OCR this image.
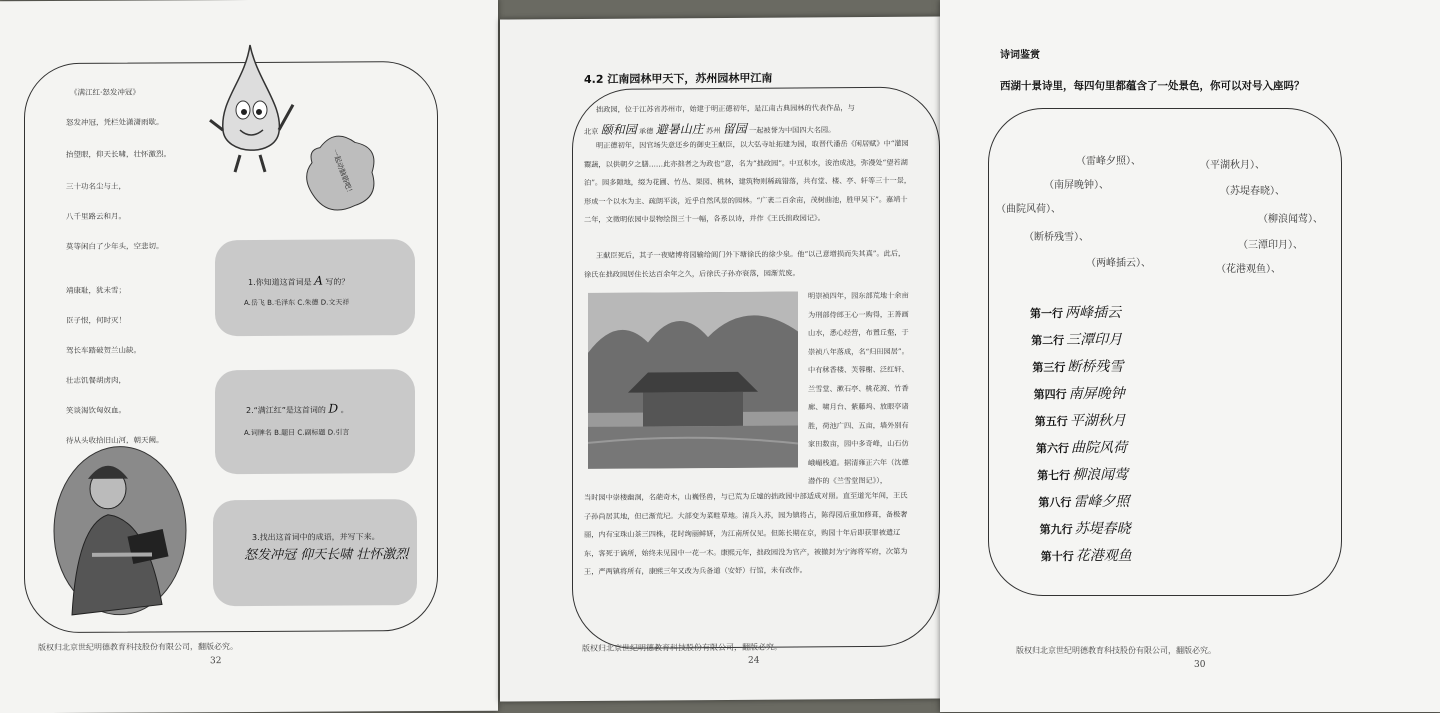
《满江红·怒发冲冠》
一起动脑筋吧！
1.你知道这首词是 A 写的？
A.岳飞 B.毛泽东 C.朱德 D.文天祥
2.“满江红”是这首词的 D 。
A.词牌名 B.题目 C.副标题 D.引言
3.找出这首词中的成语，并写下来。
怒发冲冠 仰天长啸 壮怀激烈
版权归北京世纪明德教育科技股份有限公司，翻版必究。
32
怒发冲冠，凭栏处潇潇雨歇。
抬望眼，仰天长啸，壮怀激烈。
三十功名尘与土，
八千里路云和月。
莫等闲白了少年头，空悲切。
靖康耻，犹未雪；
臣子恨，何时灭！
驾长车踏破贺兰山缺。
壮志饥餐胡虏肉，
笑谈渴饮匈奴血。
待从头收拾旧山河，朝天阙。
4.2 江南园林甲天下，苏州园林甲江南
拙政园，位于江苏省苏州市，始建于明正德初年，是江南古典园林的代表作品，与
北京 颐和园 承德 避暑山庄 苏州 留园 一起被誉为中国四大名园。
明正德初年，因官场失意还乡的御史王献臣，以大弘寺址拓建为园，取晋代潘岳《闲居赋》中“灌园鬻蔬，以供朝夕之膳……此亦拙者之为政也”意，名为“拙政园”。中亘积水，浚治成池，弥漫处“望若湖泊”。园多隙地，缀为花圃、竹丛、果园、桃林，建筑物则稀疏错落，共有堂、楼、亭、轩等三十一景，形成一个以水为主、疏朗平淡，近乎自然风景的园林。“广袤二百余亩，茂树曲池，胜甲吴下”。嘉靖十二年，文徵明依园中景物绘图三十一幅，各系以诗，并作《王氏拙政园记》。
王献臣死后，其子一夜赌博将园输给阊门外下塘徐氏的徐少泉。他“以己意增损而失其真”。此后，徐氏在拙政园居住长达百余年之久，后徐氏子孙亦衰落，园渐荒废。
明崇祯四年，园东部荒地十余亩为刑部侍郎王心一购得，王善画山水，悉心经营，布置丘壑，于崇祯八年落成，名“归田园居”。中有秫香楼、芙蓉榭、泛红轩、兰雪堂、漱石亭、桃花渡、竹香廊、啸月台、紫藤坞、放眼亭诸胜，荷池广四、五亩，墙外别有家田数亩，园中多奇峰，山石仿峨嵋栈道。据清雍正六年（沈德潜作的《兰雪堂图记》），
当时园中崇楼幽洞，名葩奇木，山巍怪兽，与已荒为丘墟的拙政园中部适成对照。直至道光年间，王氏子孙尚居其地，但已渐荒圮。大部变为菜畦草地。清兵入苏，园为镇将占，陈得园后重加修葺，备极奢丽，内有宝珠山茶三四株，花时绚丽鲜妍，为江南所仅见。但陈长期在京，购园十年后即获罪被遣辽东，客死于谪所，始终未见园中一花一木。康熙元年，拙政园没为官产，被撤封为宁海将军府，次第为王，严两镇将所有，康熙三年又改为兵备道（安妤）行馆，未有改作。
版权归北京世纪明德教育科技股份有限公司，翻版必究。
24
诗词鉴赏
西湖十景诗里，每四句里都蕴含了一处景色，你可以对号入座吗？
版权归北京世纪明德教育科技股份有限公司，翻版必究。
30
（雷峰夕照）、	（平湖秋月）、
（南屏晚钟）、
（苏堤春晓）、
（曲院风荷）、
（柳浪闻莺）、
（断桥残雪）、
（三潭印月）、
（两峰插云）、
（花港观鱼）、
第一行 两峰插云
第二行 三潭印月
第三行 断桥残雪
第四行 南屏晚钟
第五行 平湖秋月
第六行 曲院风荷
第七行 柳浪闻莺
第八行 雷峰夕照
第九行 苏堤春晓
第十行 花港观鱼
